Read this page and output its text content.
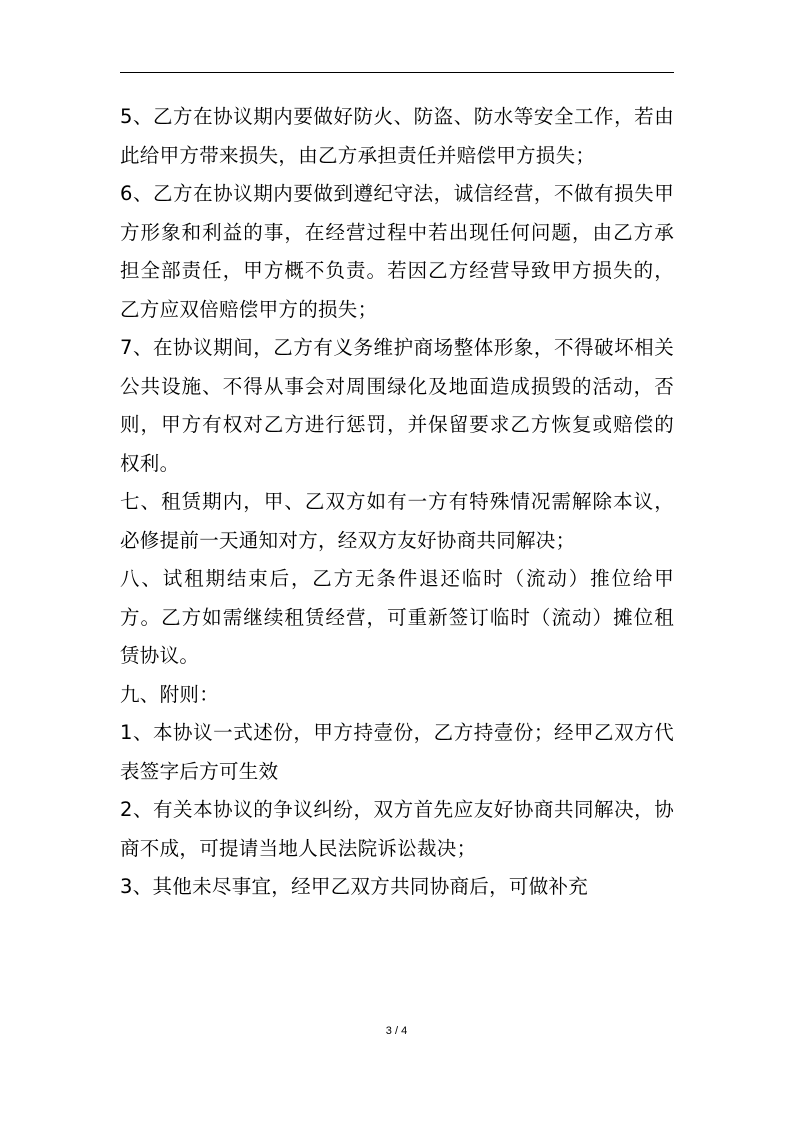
5、乙方在协议期内要做好防火、防盗、防水等安全工作，若由此给甲方带来损失，由乙方承担责任并赔偿甲方损失；

6、乙方在协议期内要做到遵纪守法，诚信经营，不做有损失甲方形象和利益的事，在经营过程中若出现任何问题，由乙方承担全部责任，甲方概不负责。若因乙方经营导致甲方损失的，乙方应双倍赔偿甲方的损失；

7、在协议期间，乙方有义务维护商场整体形象，不得破坏相关公共设施、不得从事会对周围绿化及地面造成损毁的活动，否则，甲方有权对乙方进行惩罚，并保留要求乙方恢复或赔偿的权利。

七、租赁期内，甲、乙双方如有一方有特殊情况需解除本议，必修提前一天通知对方，经双方友好协商共同解决；

八、试租期结束后，乙方无条件退还临时（流动）推位给甲方。乙方如需继续租赁经营，可重新签订临时（流动）摊位租赁协议。

九、附则：

1、本协议一式述份，甲方持壹份，乙方持壹份；经甲乙双方代表签字后方可生效

2、有关本协议的争议纠纷，双方首先应友好协商共同解决，协商不成，可提请当地人民法院诉讼裁决；

3、其他未尽事宜，经甲乙双方共同协商后，可做补充

3 / 4
